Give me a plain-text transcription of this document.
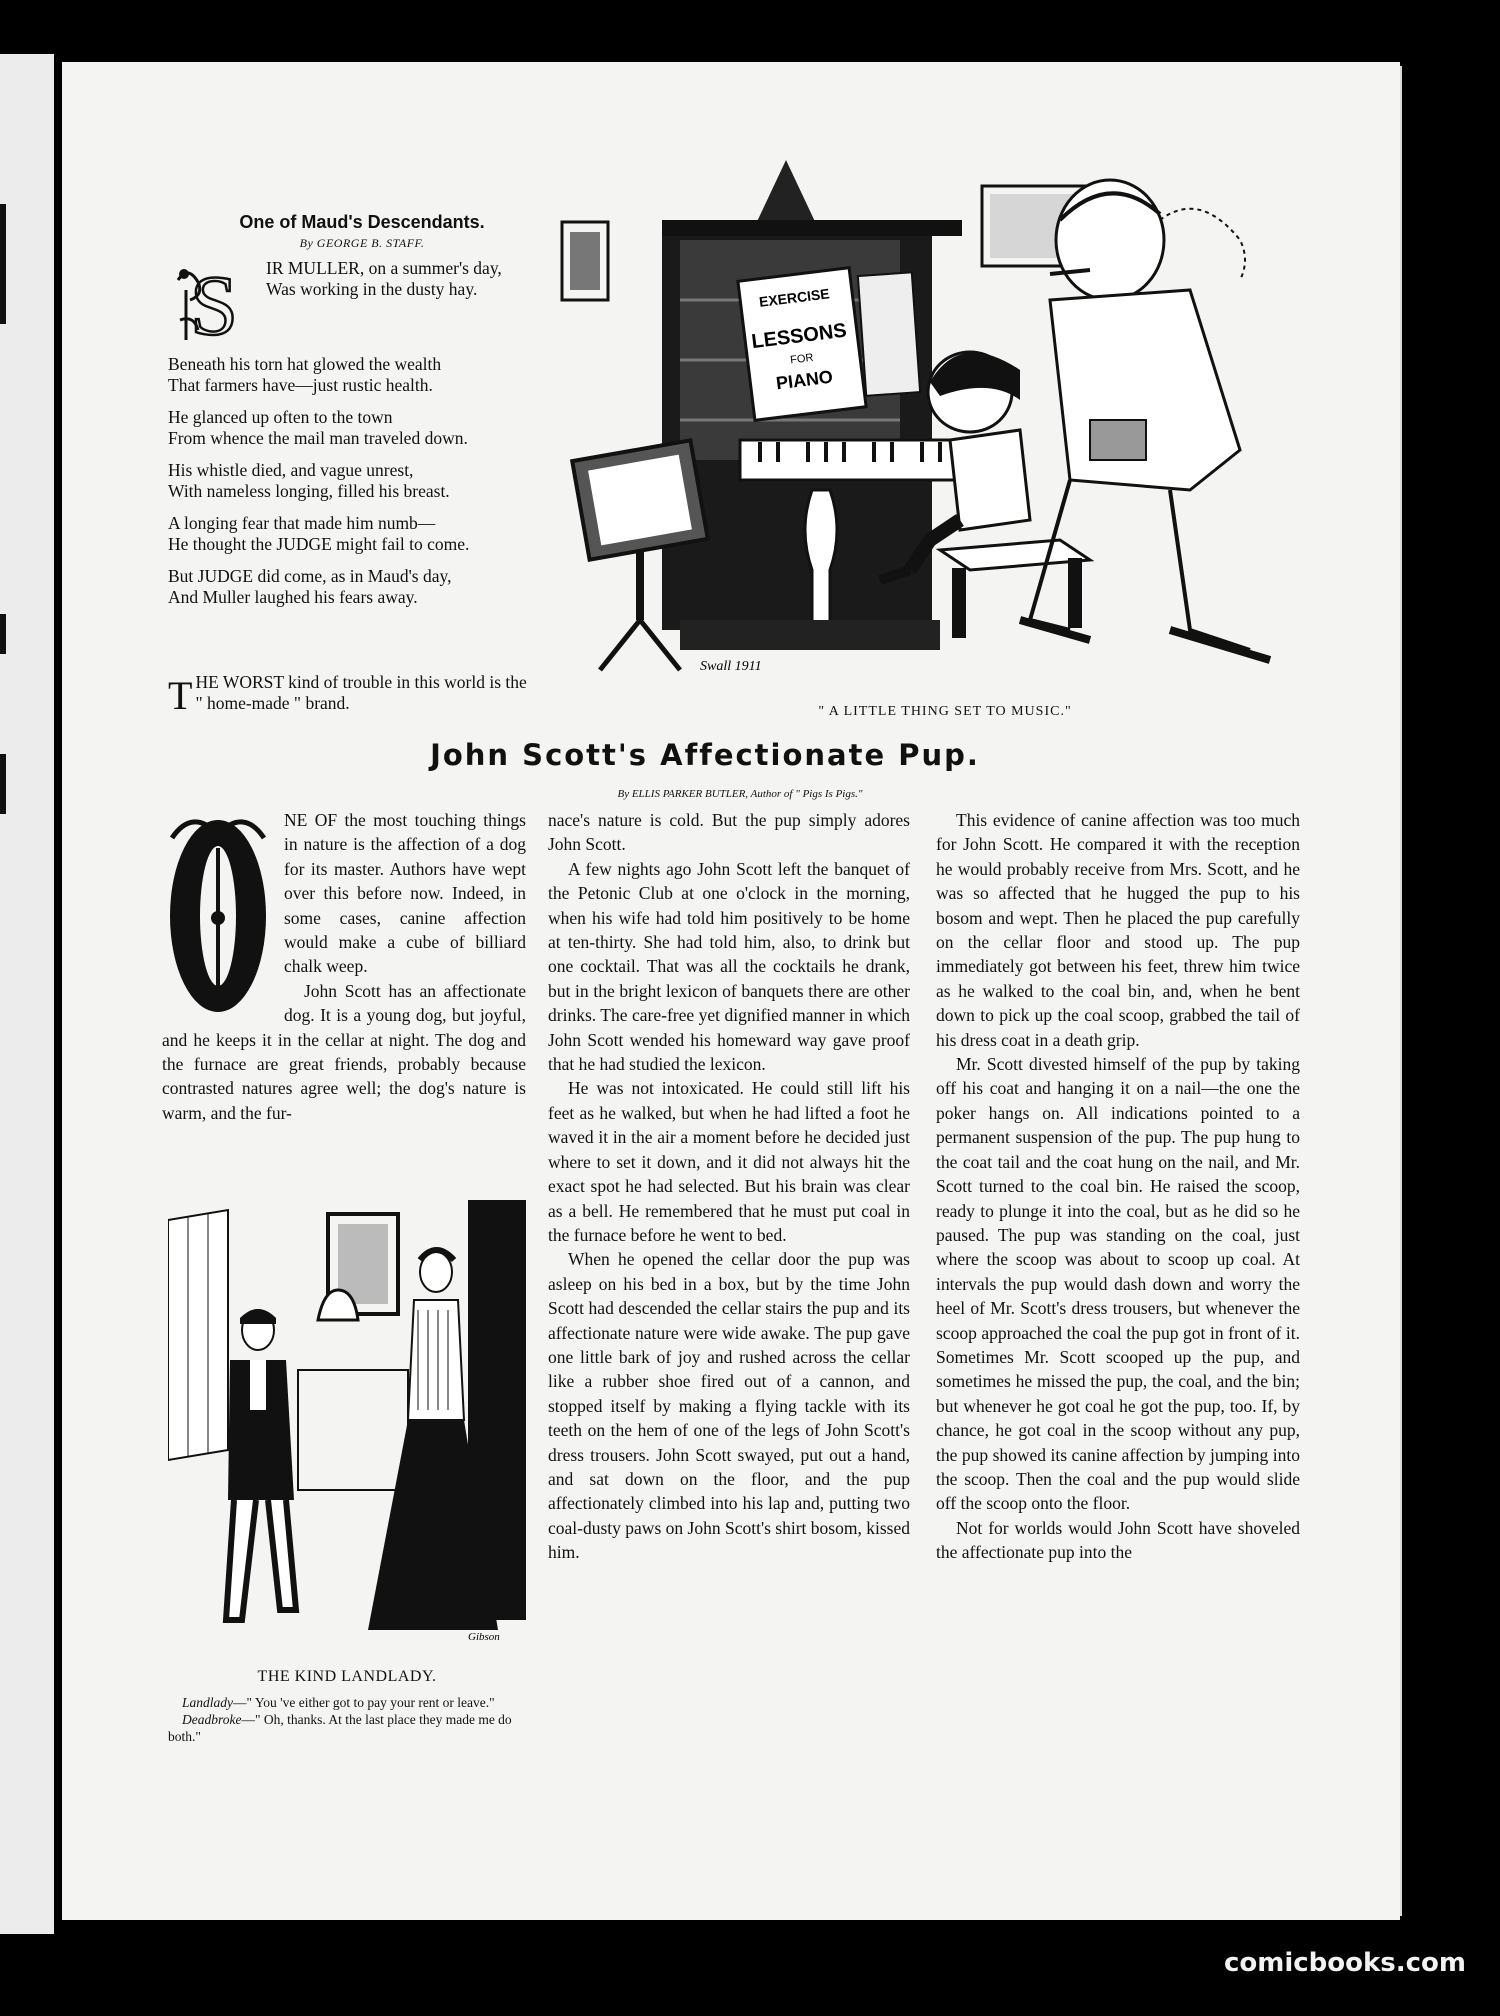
One of Maud's Descendants.
By GEORGE B. STAFF.

S IR MULLER, on a summer's day,
Was working in the dusty hay.

Beneath his torn hat glowed the wealth
That farmers have—just rustic health.

He glanced up often to the town
From whence the mail man traveled down.

His whistle died, and vague unrest,
With nameless longing, filled his breast.

A longing fear that made him numb—
He thought the JUDGE might fail to come.

But JUDGE did come, as in Maud's day,
And Muller laughed his fears away.

T HE WORST kind of trouble in this world is the " home-made " brand.
EXERCISE
LESSONS
FOR
PIANO
Swall 1911
" A LITTLE THING SET TO MUSIC."
John Scott's Affectionate Pup.
By ELLIS PARKER BUTLER, Author of " Pigs Is Pigs."
O

NE OF the most touching things in nature is the affection of a dog for its master. Authors have wept over this before now. Indeed, in some cases, canine affection would make a cube of billiard chalk weep.

John Scott has an affectionate dog. It is a young dog, but joyful, and he keeps it in the cellar at night. The dog and the furnace are great friends, probably because contrasted natures agree well; the dog's nature is warm, and the fur-

nace's nature is cold. But the pup simply adores John Scott.

A few nights ago John Scott left the banquet of the Petonic Club at one o'clock in the morning, when his wife had told him positively to be home at ten-thirty. She had told him, also, to drink but one cocktail. That was all the cocktails he drank, but in the bright lexicon of banquets there are other drinks. The care-free yet dignified manner in which John Scott wended his homeward way gave proof that he had studied the lexicon.

He was not intoxicated. He could still lift his feet as he walked, but when he had lifted a foot he waved it in the air a moment before he decided just where to set it down, and it did not always hit the exact spot he had selected. But his brain was clear as a bell. He remembered that he must put coal in the furnace before he went to bed.

When he opened the cellar door the pup was asleep on his bed in a box, but by the time John Scott had descended the cellar stairs the pup and its affectionate nature were wide awake. The pup gave one little bark of joy and rushed across the cellar like a rubber shoe fired out of a cannon, and stopped itself by making a flying tackle with its teeth on the hem of one of the legs of John Scott's dress trousers. John Scott swayed, put out a hand, and sat down on the floor, and the pup affectionately climbed into his lap and, putting two coal-dusty paws on John Scott's shirt bosom, kissed him.

This evidence of canine affection was too much for John Scott. He compared it with the reception he would probably receive from Mrs. Scott, and he was so affected that he hugged the pup to his bosom and wept. Then he placed the pup carefully on the cellar floor and stood up. The pup immediately got between his feet, threw him twice as he walked to the coal bin, and, when he bent down to pick up the coal scoop, grabbed the tail of his dress coat in a death grip.

Mr. Scott divested himself of the pup by taking off his coat and hanging it on a nail—the one the poker hangs on. All indications pointed to a permanent suspension of the pup. The pup hung to the coat tail and the coat hung on the nail, and Mr. Scott turned to the coal bin. He raised the scoop, ready to plunge it into the coal, but as he did so he paused. The pup was standing on the coal, just where the scoop was about to scoop up coal. At intervals the pup would dash down and worry the heel of Mr. Scott's dress trousers, but whenever the scoop approached the coal the pup got in front of it. Sometimes Mr. Scott scooped up the pup, and sometimes he missed the pup, the coal, and the bin; but whenever he got coal he got the pup, too. If, by chance, he got coal in the scoop without any pup, the pup showed its canine affection by jumping into the scoop. Then the coal and the pup would slide off the scoop onto the floor.

Not for worlds would John Scott have shoveled the affectionate pup into the

Gibson
THE KIND LANDLADY.

Landlady—" You 've either got to pay your rent or leave."

Deadbroke—" Oh, thanks. At the last place they made me do both."

comicbooks.com
